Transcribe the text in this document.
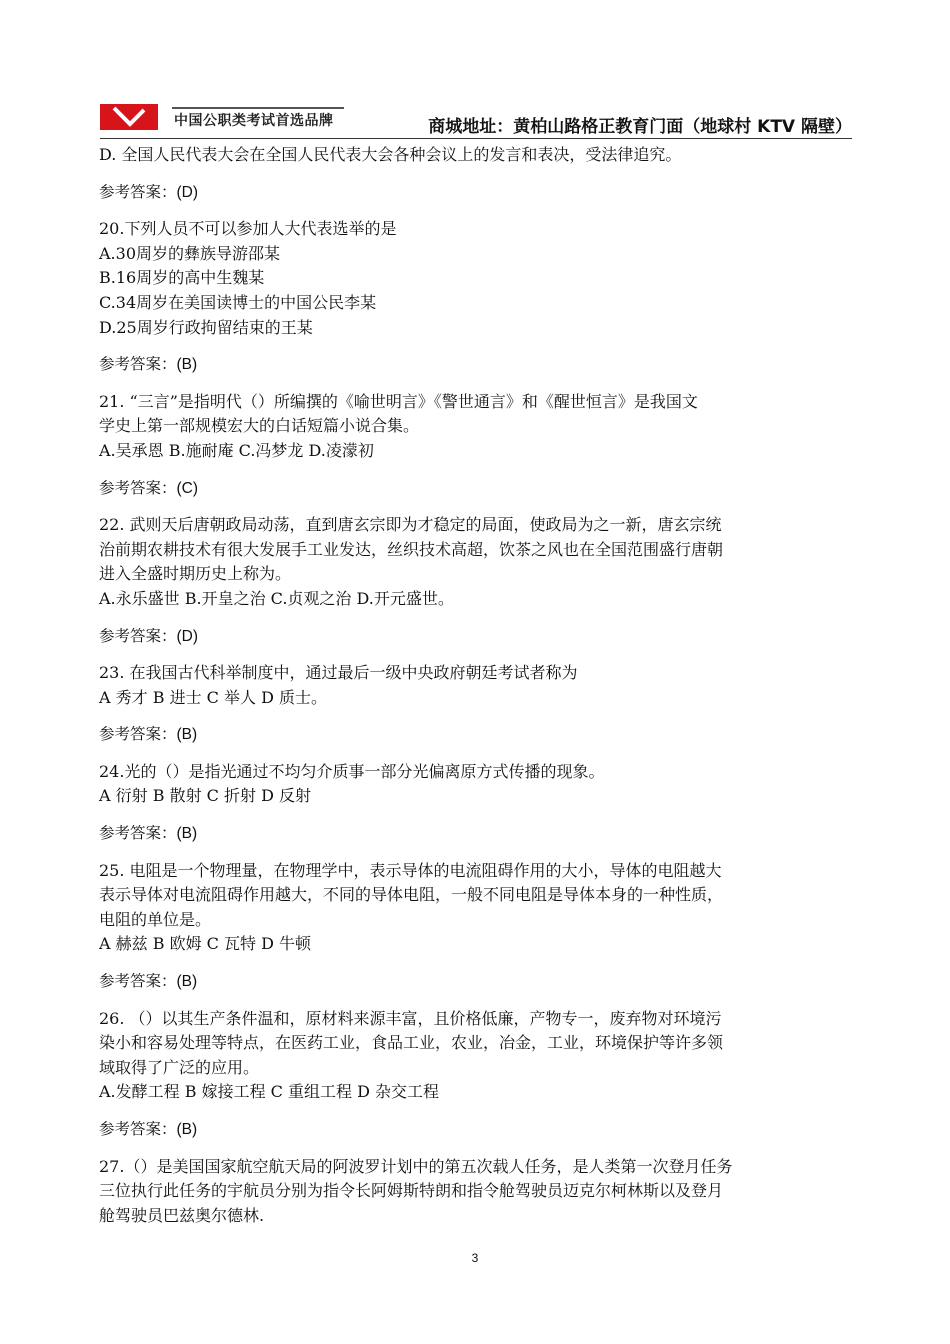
中国公职类考试首选品牌	商城地址：黄柏山路格正教育门面（地球村 KTV 隔壁）
D. 全国人民代表大会在全国人民代表大会各种会议上的发言和表决，受法律追究。
参考答案：(D)
20.下列人员不可以参加人大代表选举的是
A.30周岁的彝族导游邵某
B.16周岁的高中生魏某
C.34周岁在美国读博士的中国公民李某
D.25周岁行政拘留结束的王某
参考答案：(B)
21. “三言”是指明代（）所编撰的《喻世明言》《警世通言》和《醒世恒言》是我国文
学史上第一部规模宏大的白话短篇小说合集。
A.吴承恩 B.施耐庵 C.冯梦龙 D.凌濛初
参考答案：(C)
22. 武则天后唐朝政局动荡，直到唐玄宗即为才稳定的局面，使政局为之一新，唐玄宗统
治前期农耕技术有很大发展手工业发达，丝织技术高超，饮茶之风也在全国范围盛行唐朝
进入全盛时期历史上称为。
A.永乐盛世 B.开皇之治 C.贞观之治 D.开元盛世。
参考答案：(D)
23. 在我国古代科举制度中，通过最后一级中央政府朝廷考试者称为
A 秀才 B 进士 C 举人 D 质士。
参考答案：(B)
24.光的（）是指光通过不均匀介质事一部分光偏离原方式传播的现象。
A 衍射 B 散射 C 折射 D 反射
参考答案：(B)
25. 电阻是一个物理量，在物理学中，表示导体的电流阻碍作用的大小，导体的电阻越大
表示导体对电流阻碍作用越大，不同的导体电阻，一般不同电阻是导体本身的一种性质，
电阻的单位是。
A 赫兹 B 欧姆 C 瓦特 D 牛顿
参考答案：(B)
26. （）以其生产条件温和，原材料来源丰富，且价格低廉，产物专一，废弃物对环境污
染小和容易处理等特点，在医药工业，食品工业，农业，冶金，工业，环境保护等许多领
域取得了广泛的应用。
A.发酵工程 B 嫁接工程 C 重组工程 D 杂交工程
参考答案：(B)
27.（）是美国国家航空航天局的阿波罗计划中的第五次载人任务，是人类第一次登月任务
三位执行此任务的宇航员分别为指令长阿姆斯特朗和指令舱驾驶员迈克尔柯林斯以及登月
舱驾驶员巴兹奥尔德林.
3
